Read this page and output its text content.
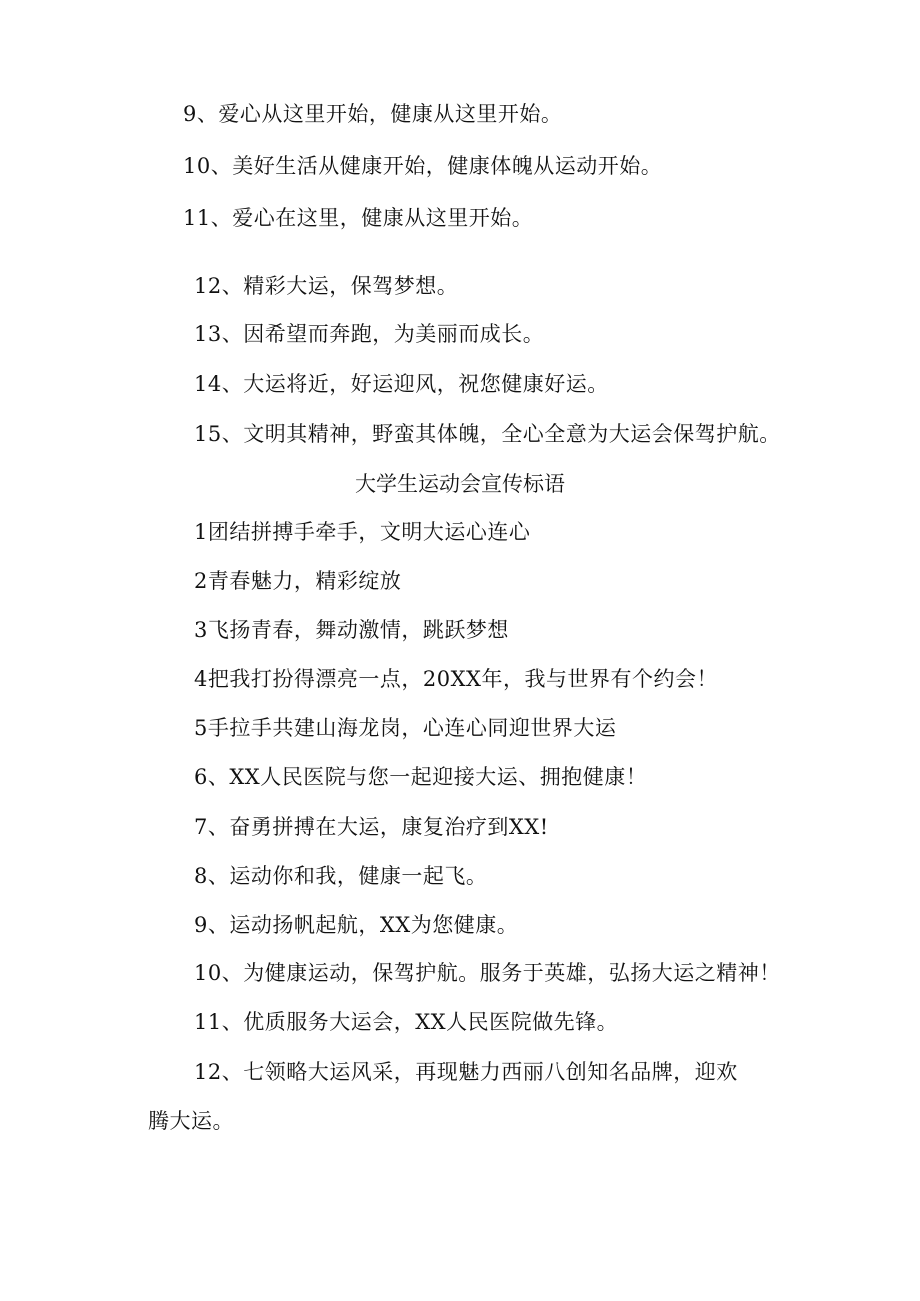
9、爱心从这里开始，健康从这里开始。
10、美好生活从健康开始，健康体魄从运动开始。
11、爱心在这里，健康从这里开始。
12、精彩大运，保驾梦想。
13、因希望而奔跑，为美丽而成长。
14、大运将近，好运迎风，祝您健康好运。
15、文明其精神，野蛮其体魄，全心全意为大运会保驾护航。
大学生运动会宣传标语
1团结拼搏手牵手，文明大运心连心
2青春魅力，精彩绽放
3飞扬青春，舞动激情，跳跃梦想
4把我打扮得漂亮一点，20XX年，我与世界有个约会！
5手拉手共建山海龙岗，心连心同迎世界大运
6、XX人民医院与您一起迎接大运、拥抱健康！
7、奋勇拼搏在大运，康复治疗到XX!
8、运动你和我，健康一起飞。
9、运动扬帆起航，XX为您健康。
10、为健康运动，保驾护航。服务于英雄，弘扬大运之精神！
11、优质服务大运会，XX人民医院做先锋。
12、七领略大运风采，再现魅力西丽八创知名品牌，迎欢
腾大运。
